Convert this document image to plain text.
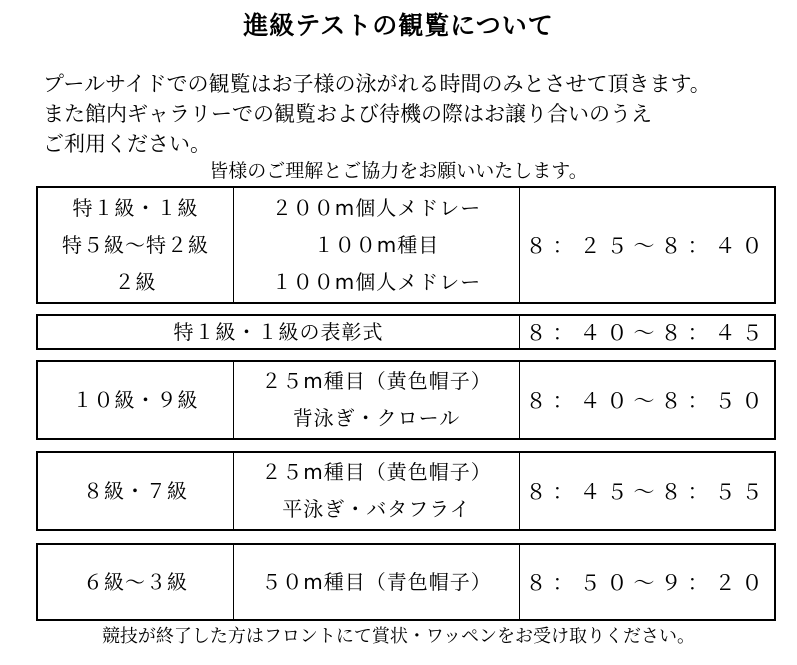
進級テストの観覧について
プールサイドでの観覧はお子様の泳がれる時間のみとさせて頂きます。
また館内ギャラリーでの観覧および待機の際はお譲り合いのうえ
ご利用ください。
皆様のご理解とご協力をお願いいたします。
特１級・１級
特５級〜特２級
２級
２００m個人メドレー
１００m種目
１００m個人メドレー
８：２５〜８：４０
特１級・１級の表彰式	８：４０〜８：４５
１０級・９級
２５m種目（黄色帽子）
背泳ぎ・クロール
８：４０〜８：５０
８級・７級
２５m種目（黄色帽子）
平泳ぎ・バタフライ
８：４５〜８：５５
６級〜３級	５０m種目（青色帽子） ８：５０〜９：２０
競技が終了した方はフロントにて賞状・ワッペンをお受け取りください。
